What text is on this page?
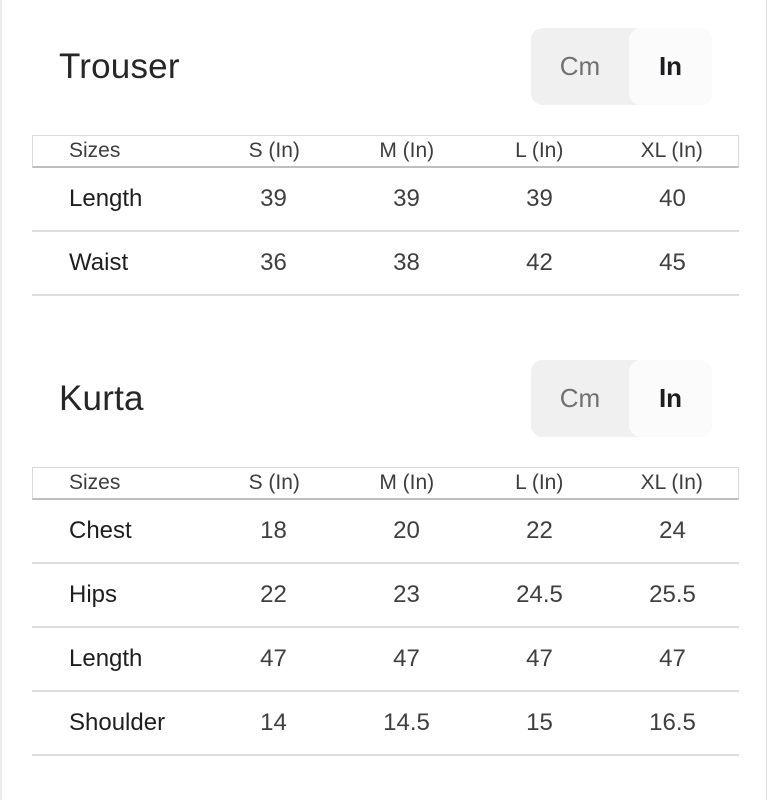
Trouser	Cm	In
Sizes	S (In)	M (In)	L (In)	XL (In)
Length	39	39	39	40
Waist	36	38	42	45
Kurta	Cm	In
Sizes	S (In)	M (In)	L (In)	XL (In)
Chest	18	20	22	24
Hips	22	23	24.5	25.5
Length	47	47	47	47
Shoulder	14	14.5	15	16.5
